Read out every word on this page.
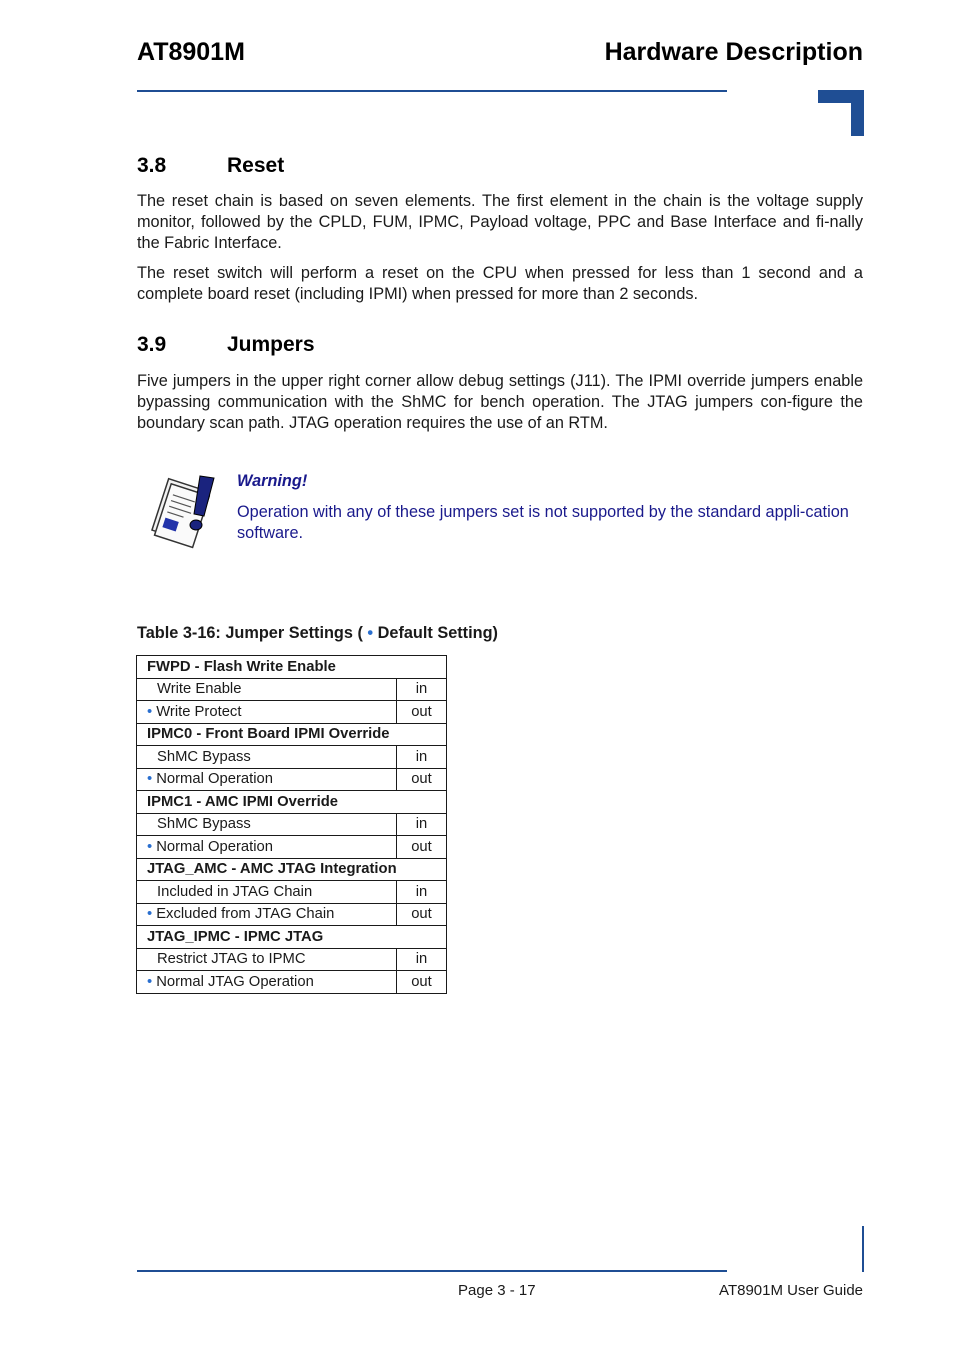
AT8901M	Hardware Description
3.8	Reset
The reset chain is based on seven elements. The first element in the chain is the voltage supply monitor, followed by the CPLD, FUM, IPMC, Payload voltage, PPC and Base Interface and fi-nally the Fabric Interface.
The reset switch will perform a reset on the CPU when pressed for less than 1 second and a complete board reset (including IPMI) when pressed for more than 2 seconds.
3.9	Jumpers
Five jumpers in the upper right corner allow debug settings (J11). The IPMI override jumpers enable bypassing communication with the ShMC for bench operation. The JTAG jumpers con-figure the boundary scan path. JTAG operation requires the use of an RTM.
Warning!
Operation with any of these jumpers set is not supported by the standard appli-cation software.
Table 3-16: Jumper Settings ( • Default Setting)
FWPD - Flash Write Enable	
Write Enable	in
• Write Protect	out
IPMC0 - Front Board IPMI Override	
ShMC Bypass	in
• Normal Operation	out
IPMC1 - AMC IPMI Override	
ShMC Bypass	in
• Normal Operation	out
JTAG_AMC - AMC JTAG Integration	
Included in JTAG Chain	in
• Excluded from JTAG Chain	out
JTAG_IPMC - IPMC JTAG	
Restrict JTAG to IPMC	in
• Normal JTAG Operation	out
Page 3 - 17	AT8901M User Guide
